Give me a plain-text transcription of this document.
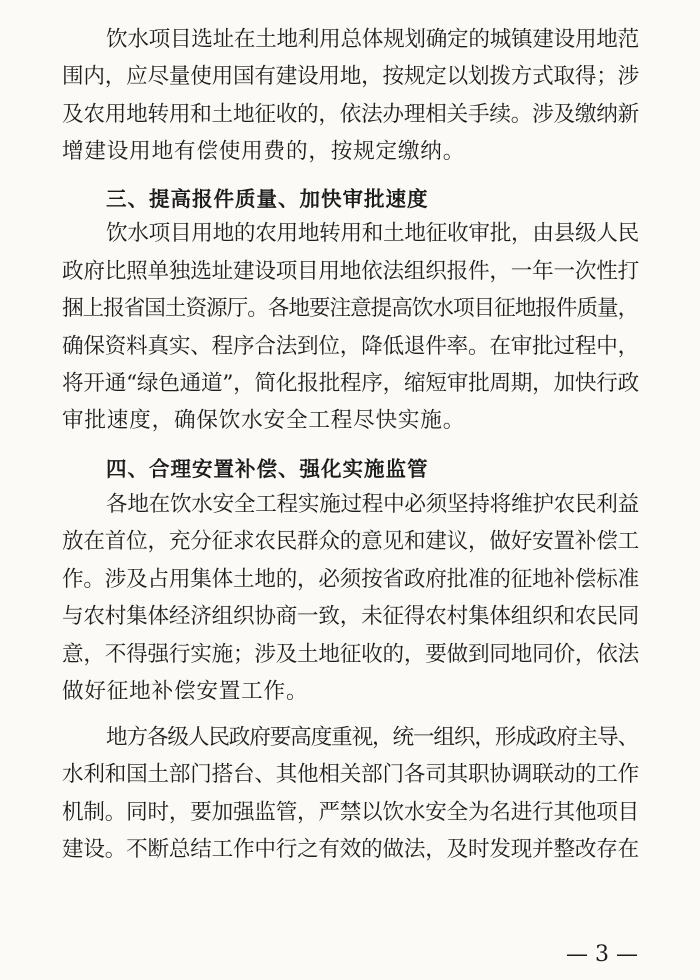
饮水项目选址在土地利用总体规划确定的城镇建设用地范
围内，应尽量使用国有建设用地，按规定以划拨方式取得；涉
及农用地转用和土地征收的，依法办理相关手续。涉及缴纳新
增建设用地有偿使用费的，按规定缴纳。
三、提高报件质量、加快审批速度
饮水项目用地的农用地转用和土地征收审批，由县级人民
政府比照单独选址建设项目用地依法组织报件，一年一次性打
捆上报省国土资源厅。各地要注意提高饮水项目征地报件质量，
确保资料真实、程序合法到位，降低退件率。在审批过程中，
将开通“绿色通道”，简化报批程序，缩短审批周期，加快行政
审批速度，确保饮水安全工程尽快实施。
四、合理安置补偿、强化实施监管
各地在饮水安全工程实施过程中必须坚持将维护农民利益
放在首位，充分征求农民群众的意见和建议，做好安置补偿工
作。涉及占用集体土地的，必须按省政府批准的征地补偿标准
与农村集体经济组织协商一致，未征得农村集体组织和农民同
意，不得强行实施；涉及土地征收的，要做到同地同价，依法
做好征地补偿安置工作。
地方各级人民政府要高度重视，统一组织，形成政府主导、
水利和国土部门搭台、其他相关部门各司其职协调联动的工作
机制。同时，要加强监管，严禁以饮水安全为名进行其他项目
建设。不断总结工作中行之有效的做法，及时发现并整改存在
— 3 —
